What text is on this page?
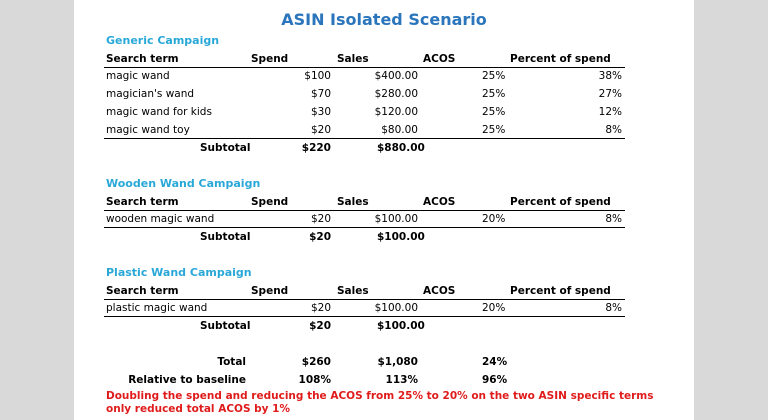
ASIN Isolated Scenario
Generic Campaign
Search term	Spend	Sales	ACOS	Percent of spend
magic wand	$100	$400.00	25%	38%
magician's wand	$70	$280.00	25%	27%
magic wand for kids	$30	$120.00	25%	12%
magic wand toy	$20	$80.00	25%	8%
Subtotal	$220	$880.00
Wooden Wand Campaign
Search term	Spend	Sales	ACOS	Percent of spend
wooden magic wand	$20	$100.00	20%	8%
Subtotal	$20	$100.00
Plastic Wand Campaign
Search term	Spend	Sales	ACOS	Percent of spend
plastic magic wand	$20	$100.00	20%	8%
Subtotal	$20	$100.00
Total	$260	$1,080	24%
Relative to baseline	108%	113%	96%
Doubling the spend and reducing the ACOS from 25% to 20% on the two ASIN specific terms only reduced total ACOS by 1%
